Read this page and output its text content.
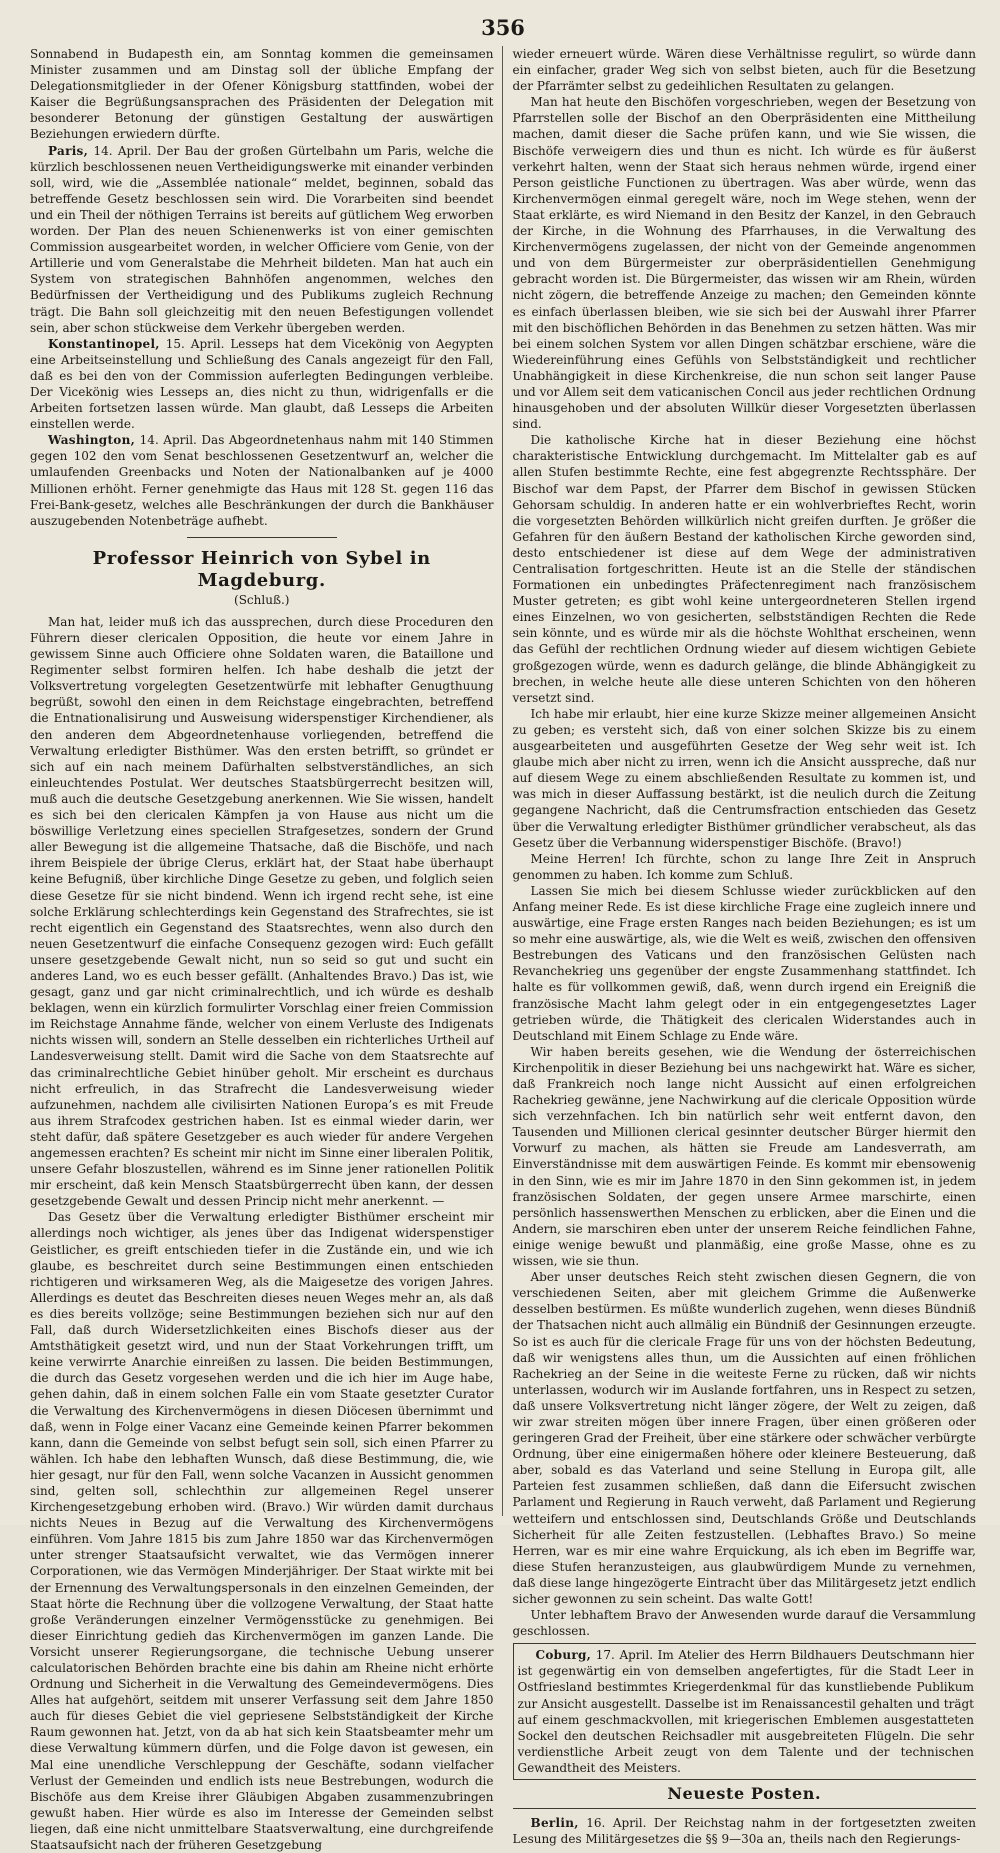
356

Sonnabend in Budapesth ein, am Sonntag kommen die gemeinsamen Minister zusammen und am Dinstag soll der übliche Empfang der Delegationsmitglieder in der Ofener Königsburg stattfinden, wobei der Kaiser die Begrüßungsansprachen des Präsidenten der Delegation mit besonderer Betonung der günstigen Gestaltung der auswärtigen Beziehungen erwiedern dürfte.

Paris, 14. April. Der Bau der großen Gürtelbahn um Paris, welche die kürzlich beschlossenen neuen Vertheidigungswerke mit einander verbinden soll, wird, wie die „Assemblée nationale“ meldet, beginnen, sobald das betreffende Gesetz beschlossen sein wird. Die Vorarbeiten sind beendet und ein Theil der nöthigen Terrains ist bereits auf gütlichem Weg erworben worden. Der Plan des neuen Schienenwerks ist von einer gemischten Commission ausgearbeitet worden, in welcher Officiere vom Genie, von der Artillerie und vom Generalstabe die Mehrheit bildeten. Man hat auch ein System von strategischen Bahnhöfen angenommen, welches den Bedürfnissen der Vertheidigung und des Publikums zugleich Rechnung trägt. Die Bahn soll gleichzeitig mit den neuen Befestigungen vollendet sein, aber schon stückweise dem Verkehr übergeben werden.

Konstantinopel, 15. April. Lesseps hat dem Vicekönig von Aegypten eine Arbeitseinstellung und Schließung des Canals angezeigt für den Fall, daß es bei den von der Commission auferlegten Bedingungen verbleibe. Der Vicekönig wies Lesseps an, dies nicht zu thun, widrigenfalls er die Arbeiten fortsetzen lassen würde. Man glaubt, daß Lesseps die Arbeiten einstellen werde.

Washington, 14. April. Das Abgeordnetenhaus nahm mit 140 Stimmen gegen 102 den vom Senat beschlossenen Gesetzentwurf an, welcher die umlaufenden Greenbacks und Noten der Nationalbanken auf je 4000 Millionen erhöht. Ferner genehmigte das Haus mit 128 St. gegen 116 das Frei-Bank-gesetz, welches alle Beschränkungen der durch die Bankhäuser auszugebenden Notenbeträge aufhebt.

Professor Heinrich von Sybel in Magdeburg.
(Schluß.)

Man hat, leider muß ich das aussprechen, durch diese Proceduren den Führern dieser clericalen Opposition, die heute vor einem Jahre in gewissem Sinne auch Officiere ohne Soldaten waren, die Bataillone und Regimenter selbst formiren helfen. Ich habe deshalb die jetzt der Volksvertretung vorgelegten Gesetzentwürfe mit lebhafter Genugthuung begrüßt, sowohl den einen in dem Reichstage eingebrachten, betreffend die Entnationalisirung und Ausweisung widerspenstiger Kirchendiener, als den anderen dem Abgeordnetenhause vorliegenden, betreffend die Verwaltung erledigter Bisthümer. Was den ersten betrifft, so gründet er sich auf ein nach meinem Dafürhalten selbstverständliches, an sich einleuchtendes Postulat. Wer deutsches Staatsbürgerrecht besitzen will, muß auch die deutsche Gesetzgebung anerkennen. Wie Sie wissen, handelt es sich bei den clericalen Kämpfen ja von Hause aus nicht um die böswillige Verletzung eines speciellen Strafgesetzes, sondern der Grund aller Bewegung ist die allgemeine Thatsache, daß die Bischöfe, und nach ihrem Beispiele der übrige Clerus, erklärt hat, der Staat habe überhaupt keine Befugniß, über kirchliche Dinge Gesetze zu geben, und folglich seien diese Gesetze für sie nicht bindend. Wenn ich irgend recht sehe, ist eine solche Erklärung schlechterdings kein Gegenstand des Strafrechtes, sie ist recht eigentlich ein Gegenstand des Staatsrechtes, wenn also durch den neuen Gesetzentwurf die einfache Consequenz gezogen wird: Euch gefällt unsere gesetzgebende Gewalt nicht, nun so seid so gut und sucht ein anderes Land, wo es euch besser gefällt. (Anhaltendes Bravo.) Das ist, wie gesagt, ganz und gar nicht criminalrechtlich, und ich würde es deshalb beklagen, wenn ein kürzlich formulirter Vorschlag einer freien Commission im Reichstage Annahme fände, welcher von einem Verluste des Indigenats nichts wissen will, sondern an Stelle desselben ein richterliches Urtheil auf Landesverweisung stellt. Damit wird die Sache von dem Staatsrechte auf das criminalrechtliche Gebiet hinüber geholt. Mir erscheint es durchaus nicht erfreulich, in das Strafrecht die Landesverweisung wieder aufzunehmen, nachdem alle civilisirten Nationen Europa’s es mit Freude aus ihrem Strafcodex gestrichen haben. Ist es einmal wieder darin, wer steht dafür, daß spätere Gesetzgeber es auch wieder für andere Vergehen angemessen erachten? Es scheint mir nicht im Sinne einer liberalen Politik, unsere Gefahr bloszustellen, während es im Sinne jener rationellen Politik mir erscheint, daß kein Mensch Staatsbürgerrecht üben kann, der dessen gesetzgebende Gewalt und dessen Princip nicht mehr anerkennt. —

Das Gesetz über die Verwaltung erledigter Bisthümer erscheint mir allerdings noch wichtiger, als jenes über das Indigenat widerspenstiger Geistlicher, es greift entschieden tiefer in die Zustände ein, und wie ich glaube, es beschreitet durch seine Bestimmungen einen entschieden richtigeren und wirksameren Weg, als die Maigesetze des vorigen Jahres. Allerdings es deutet das Beschreiten dieses neuen Weges mehr an, als daß es dies bereits vollzöge; seine Bestimmungen beziehen sich nur auf den Fall, daß durch Widersetzlichkeiten eines Bischofs dieser aus der Amtsthätigkeit gesetzt wird, und nun der Staat Vorkehrungen trifft, um keine verwirrte Anarchie einreißen zu lassen. Die beiden Bestimmungen, die durch das Gesetz vorgesehen werden und die ich hier im Auge habe, gehen dahin, daß in einem solchen Falle ein vom Staate gesetzter Curator die Verwaltung des Kirchenvermögens in diesen Diöcesen übernimmt und daß, wenn in Folge einer Vacanz eine Gemeinde keinen Pfarrer bekommen kann, dann die Gemeinde von selbst befugt sein soll, sich einen Pfarrer zu wählen. Ich habe den lebhaften Wunsch, daß diese Bestimmung, die, wie hier gesagt, nur für den Fall, wenn solche Vacanzen in Aussicht genommen sind, gelten soll, schlechthin zur allgemeinen Regel unserer Kirchengesetzgebung erhoben wird. (Bravo.) Wir würden damit durchaus nichts Neues in Bezug auf die Verwaltung des Kirchenvermögens einführen. Vom Jahre 1815 bis zum Jahre 1850 war das Kirchenvermögen unter strenger Staatsaufsicht verwaltet, wie das Vermögen innerer Corporationen, wie das Vermögen Minderjähriger. Der Staat wirkte mit bei der Ernennung des Verwaltungspersonals in den einzelnen Gemeinden, der Staat hörte die Rechnung über die vollzogene Verwaltung, der Staat hatte große Veränderungen einzelner Vermögensstücke zu genehmigen. Bei dieser Einrichtung gedieh das Kirchenvermögen im ganzen Lande. Die Vorsicht unserer Regierungsorgane, die technische Uebung unserer calculatorischen Behörden brachte eine bis dahin am Rheine nicht erhörte Ordnung und Sicherheit in die Verwaltung des Gemeindevermögens. Dies Alles hat aufgehört, seitdem mit unserer Verfassung seit dem Jahre 1850 auch für dieses Gebiet die viel gepriesene Selbstständigkeit der Kirche Raum gewonnen hat. Jetzt, von da ab hat sich kein Staatsbeamter mehr um diese Verwaltung kümmern dürfen, und die Folge davon ist gewesen, ein Mal eine unendliche Verschleppung der Geschäfte, sodann vielfacher Verlust der Gemeinden und endlich ists neue Bestrebungen, wodurch die Bischöfe aus dem Kreise ihrer Gläubigen Abgaben zusammenzubringen gewußt haben. Hier würde es also im Interesse der Gemeinden selbst liegen, daß eine nicht unmittelbare Staatsverwaltung, eine durchgreifende Staatsaufsicht nach der früheren Gesetzgebung

wieder erneuert würde. Wären diese Verhältnisse regulirt, so würde dann ein einfacher, grader Weg sich von selbst bieten, auch für die Besetzung der Pfarrämter selbst zu gedeihlichen Resultaten zu gelangen.

Man hat heute den Bischöfen vorgeschrieben, wegen der Besetzung von Pfarrstellen solle der Bischof an den Oberpräsidenten eine Mittheilung machen, damit dieser die Sache prüfen kann, und wie Sie wissen, die Bischöfe verweigern dies und thun es nicht. Ich würde es für äußerst verkehrt halten, wenn der Staat sich heraus nehmen würde, irgend einer Person geistliche Functionen zu übertragen. Was aber würde, wenn das Kirchenvermögen einmal geregelt wäre, noch im Wege stehen, wenn der Staat erklärte, es wird Niemand in den Besitz der Kanzel, in den Gebrauch der Kirche, in die Wohnung des Pfarrhauses, in die Verwaltung des Kirchenvermögens zugelassen, der nicht von der Gemeinde angenommen und von dem Bürgermeister zur oberpräsidentiellen Genehmigung gebracht worden ist. Die Bürgermeister, das wissen wir am Rhein, würden nicht zögern, die betreffende Anzeige zu machen; den Gemeinden könnte es einfach überlassen bleiben, wie sie sich bei der Auswahl ihrer Pfarrer mit den bischöflichen Behörden in das Benehmen zu setzen hätten. Was mir bei einem solchen System vor allen Dingen schätzbar erschiene, wäre die Wiedereinführung eines Gefühls von Selbstständigkeit und rechtlicher Unabhängigkeit in diese Kirchenkreise, die nun schon seit langer Pause und vor Allem seit dem vaticanischen Concil aus jeder rechtlichen Ordnung hinausgehoben und der absoluten Willkür dieser Vorgesetzten überlassen sind.

Die katholische Kirche hat in dieser Beziehung eine höchst charakteristische Entwicklung durchgemacht. Im Mittelalter gab es auf allen Stufen bestimmte Rechte, eine fest abgegrenzte Rechtssphäre. Der Bischof war dem Papst, der Pfarrer dem Bischof in gewissen Stücken Gehorsam schuldig. In anderen hatte er ein wohlverbrieftes Recht, worin die vorgesetzten Behörden willkürlich nicht greifen durften. Je größer die Gefahren für den äußern Bestand der katholischen Kirche geworden sind, desto entschiedener ist diese auf dem Wege der administrativen Centralisation fortgeschritten. Heute ist an die Stelle der ständischen Formationen ein unbedingtes Präfectenregiment nach französischem Muster getreten; es gibt wohl keine untergeordneteren Stellen irgend eines Einzelnen, wo von gesicherten, selbstständigen Rechten die Rede sein könnte, und es würde mir als die höchste Wohlthat erscheinen, wenn das Gefühl der rechtlichen Ordnung wieder auf diesem wichtigen Gebiete großgezogen würde, wenn es dadurch gelänge, die blinde Abhängigkeit zu brechen, in welche heute alle diese unteren Schichten von den höheren versetzt sind.

Ich habe mir erlaubt, hier eine kurze Skizze meiner allgemeinen Ansicht zu geben; es versteht sich, daß von einer solchen Skizze bis zu einem ausgearbeiteten und ausgeführten Gesetze der Weg sehr weit ist. Ich glaube mich aber nicht zu irren, wenn ich die Ansicht ausspreche, daß nur auf diesem Wege zu einem abschließenden Resultate zu kommen ist, und was mich in dieser Auffassung bestärkt, ist die neulich durch die Zeitung gegangene Nachricht, daß die Centrumsfraction entschieden das Gesetz über die Verwaltung erledigter Bisthümer gründlicher verabscheut, als das Gesetz über die Verbannung widerspenstiger Bischöfe. (Bravo!)

Meine Herren! Ich fürchte, schon zu lange Ihre Zeit in Anspruch genommen zu haben. Ich komme zum Schluß.

Lassen Sie mich bei diesem Schlusse wieder zurückblicken auf den Anfang meiner Rede. Es ist diese kirchliche Frage eine zugleich innere und auswärtige, eine Frage ersten Ranges nach beiden Beziehungen; es ist um so mehr eine auswärtige, als, wie die Welt es weiß, zwischen den offensiven Bestrebungen des Vaticans und den französischen Gelüsten nach Revanchekrieg uns gegenüber der engste Zusammenhang stattfindet. Ich halte es für vollkommen gewiß, daß, wenn durch irgend ein Ereigniß die französische Macht lahm gelegt oder in ein entgegengesetztes Lager getrieben würde, die Thätigkeit des clericalen Widerstandes auch in Deutschland mit Einem Schlage zu Ende wäre.

Wir haben bereits gesehen, wie die Wendung der österreichischen Kirchenpolitik in dieser Beziehung bei uns nachgewirkt hat. Wäre es sicher, daß Frankreich noch lange nicht Aussicht auf einen erfolgreichen Rachekrieg gewänne, jene Nachwirkung auf die clericale Opposition würde sich verzehnfachen. Ich bin natürlich sehr weit entfernt davon, den Tausenden und Millionen clerical gesinnter deutscher Bürger hiermit den Vorwurf zu machen, als hätten sie Freude am Landesverrath, am Einverständnisse mit dem auswärtigen Feinde. Es kommt mir ebensowenig in den Sinn, wie es mir im Jahre 1870 in den Sinn gekommen ist, in jedem französischen Soldaten, der gegen unsere Armee marschirte, einen persönlich hassenswerthen Menschen zu erblicken, aber die Einen und die Andern, sie marschiren eben unter der unserem Reiche feindlichen Fahne, einige wenige bewußt und planmäßig, eine große Masse, ohne es zu wissen, wie sie thun.

Aber unser deutsches Reich steht zwischen diesen Gegnern, die von verschiedenen Seiten, aber mit gleichem Grimme die Außenwerke desselben bestürmen. Es müßte wunderlich zugehen, wenn dieses Bündniß der Thatsachen nicht auch allmälig ein Bündniß der Gesinnungen erzeugte. So ist es auch für die clericale Frage für uns von der höchsten Bedeutung, daß wir wenigstens alles thun, um die Aussichten auf einen fröhlichen Rachekrieg an der Seine in die weiteste Ferne zu rücken, daß wir nichts unterlassen, wodurch wir im Auslande fortfahren, uns in Respect zu setzen, daß unsere Volksvertretung nicht länger zögere, der Welt zu zeigen, daß wir zwar streiten mögen über innere Fragen, über einen größeren oder geringeren Grad der Freiheit, über eine stärkere oder schwächer verbürgte Ordnung, über eine einigermaßen höhere oder kleinere Besteuerung, daß aber, sobald es das Vaterland und seine Stellung in Europa gilt, alle Parteien fest zusammen schließen, daß dann die Eifersucht zwischen Parlament und Regierung in Rauch verweht, daß Parlament und Regierung wetteifern und entschlossen sind, Deutschlands Größe und Deutschlands Sicherheit für alle Zeiten festzustellen. (Lebhaftes Bravo.) So meine Herren, war es mir eine wahre Erquickung, als ich eben im Begriffe war, diese Stufen heranzusteigen, aus glaubwürdigem Munde zu vernehmen, daß diese lange hingezögerte Eintracht über das Militärgesetz jetzt endlich sicher gewonnen zu sein scheint. Das walte Gott!

Unter lebhaftem Bravo der Anwesenden wurde darauf die Versammlung geschlossen.

Coburg, 17. April. Im Atelier des Herrn Bildhauers Deutschmann hier ist gegenwärtig ein von demselben angefertigtes, für die Stadt Leer in Ostfriesland bestimmtes Kriegerdenkmal für das kunstliebende Publikum zur Ansicht ausgestellt. Dasselbe ist im Renaissancestil gehalten und trägt auf einem geschmackvollen, mit kriegerischen Emblemen ausgestatteten Sockel den deutschen Reichsadler mit ausgebreiteten Flügeln. Die sehr verdienstliche Arbeit zeugt von dem Talente und der technischen Gewandtheit des Meisters.

Neueste Posten.

Berlin, 16. April. Der Reichstag nahm in der fortgesetzten zweiten Lesung des Militärgesetzes die §§ 9—30a an, theils nach den Regierungs-
